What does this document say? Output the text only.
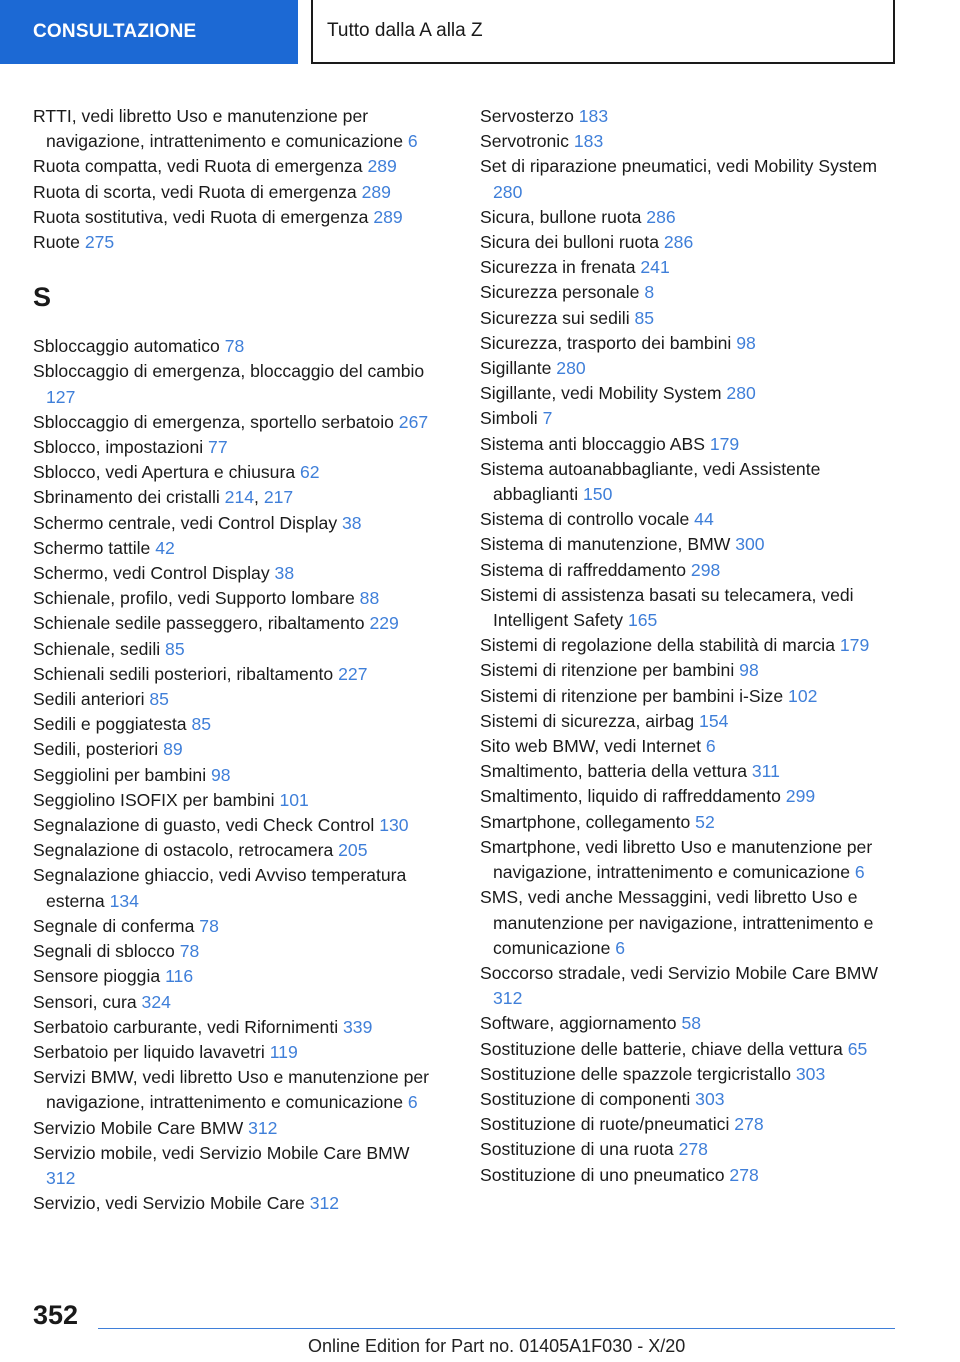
CONSULTAZIONE	Tutto dalla A alla Z

RTTI, vedi libretto Uso e manutenzione per navigazione, intrattenimento e comunicazione 6

Ruota compatta, vedi Ruota di emergenza 289

Ruota di scorta, vedi Ruota di emergenza 289

Ruota sostitutiva, vedi Ruota di emergenza 289

Ruote 275

S

Sbloccaggio automatico 78

Sbloccaggio di emergenza, bloccaggio del cambio 127

Sbloccaggio di emergenza, sportello serbatoio 267

Sblocco, impostazioni 77

Sblocco, vedi Apertura e chiusura 62

Sbrinamento dei cristalli 214, 217

Schermo centrale, vedi Control Display 38

Schermo tattile 42

Schermo, vedi Control Display 38

Schienale, profilo, vedi Supporto lombare 88

Schienale sedile passeggero, ribaltamento 229

Schienale, sedili 85

Schienali sedili posteriori, ribaltamento 227

Sedili anteriori 85

Sedili e poggiatesta 85

Sedili, posteriori 89

Seggiolini per bambini 98

Seggiolino ISOFIX per bambini 101

Segnalazione di guasto, vedi Check Control 130

Segnalazione di ostacolo, retrocamera 205

Segnalazione ghiaccio, vedi Avviso temperatura esterna 134

Segnale di conferma 78

Segnali di sblocco 78

Sensore pioggia 116

Sensori, cura 324

Serbatoio carburante, vedi Rifornimenti 339

Serbatoio per liquido lavavetri 119

Servizi BMW, vedi libretto Uso e manutenzione per navigazione, intrattenimento e comunicazione 6

Servizio Mobile Care BMW 312

Servizio mobile, vedi Servizio Mobile Care BMW 312

Servizio, vedi Servizio Mobile Care 312

Servosterzo 183

Servotronic 183

Set di riparazione pneumatici, vedi Mobility System 280

Sicura, bullone ruota 286

Sicura dei bulloni ruota 286

Sicurezza in frenata 241

Sicurezza personale 8

Sicurezza sui sedili 85

Sicurezza, trasporto dei bambini 98

Sigillante 280

Sigillante, vedi Mobility System 280

Simboli 7

Sistema anti bloccaggio ABS 179

Sistema autoanabbagliante, vedi Assistente abbaglianti 150

Sistema di controllo vocale 44

Sistema di manutenzione, BMW 300

Sistema di raffreddamento 298

Sistemi di assistenza basati su telecamera, vedi Intelligent Safety 165

Sistemi di regolazione della stabilità di marcia 179

Sistemi di ritenzione per bambini 98

Sistemi di ritenzione per bambini i-Size 102

Sistemi di sicurezza, airbag 154

Sito web BMW, vedi Internet 6

Smaltimento, batteria della vettura 311

Smaltimento, liquido di raffreddamento 299

Smartphone, collegamento 52

Smartphone, vedi libretto Uso e manutenzione per navigazione, intrattenimento e comunicazione 6

SMS, vedi anche Messaggini, vedi libretto Uso e manutenzione per navigazione, intrattenimento e comunicazione 6

Soccorso stradale, vedi Servizio Mobile Care BMW 312

Software, aggiornamento 58

Sostituzione delle batterie, chiave della vettura 65

Sostituzione delle spazzole tergicristallo 303

Sostituzione di componenti 303

Sostituzione di ruote/pneumatici 278

Sostituzione di una ruota 278

Sostituzione di uno pneumatico 278

352
Online Edition for Part no. 01405A1F030 - X/20
